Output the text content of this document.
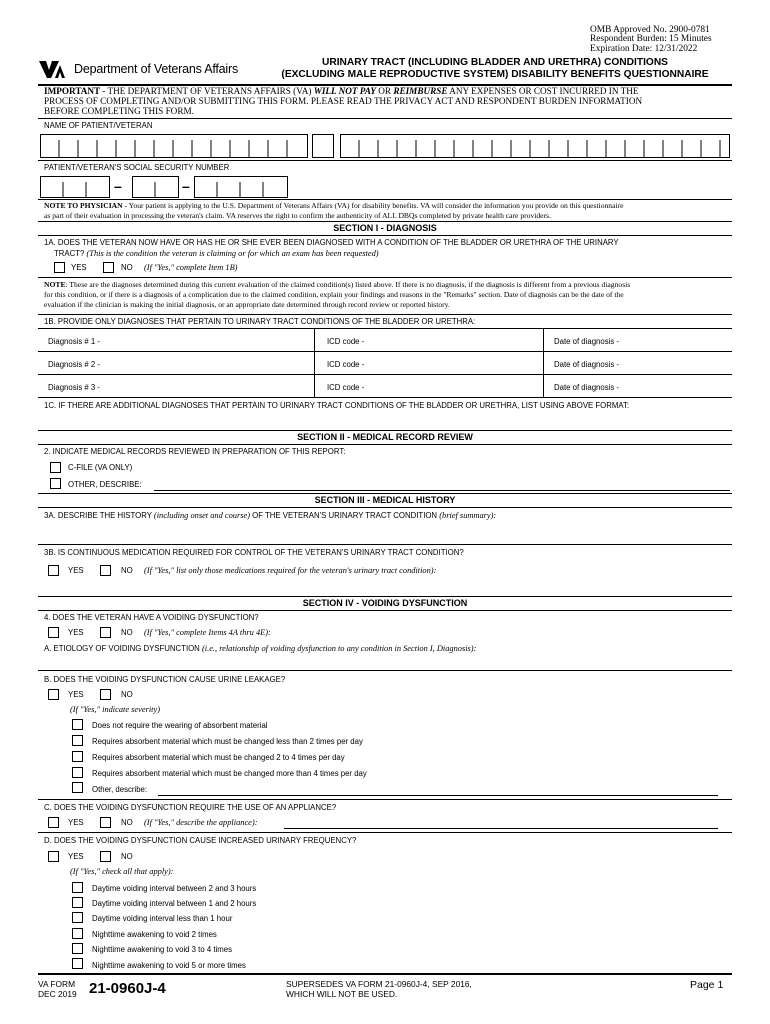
OMB Approved No. 2900-0781
Respondent Burden: 15 Minutes
Expiration Date: 12/31/2022
Department of Veterans Affairs	URINARY TRACT (INCLUDING BLADDER AND URETHRA) CONDITIONS
(EXCLUDING MALE REPRODUCTIVE SYSTEM) DISABILITY BENEFITS QUESTIONNAIRE
IMPORTANT - THE DEPARTMENT OF VETERANS AFFAIRS (VA) WILL NOT PAY OR REIMBURSE ANY EXPENSES OR COST INCURRED IN THE
PROCESS OF COMPLETING AND/OR SUBMITTING THIS FORM. PLEASE READ THE PRIVACY ACT AND RESPONDENT BURDEN INFORMATION
BEFORE COMPLETING THIS FORM.
NAME OF PATIENT/VETERAN
PATIENT/VETERAN'S SOCIAL SECURITY NUMBER
–	–
NOTE TO PHYSICIAN - Your patient is applying to the U.S. Department of Veterans Affairs (VA) for disability benefits. VA will consider the information you provide on this questionnaire
as part of their evaluation in processing the veteran's claim. VA reserves the right to confirm the authenticity of ALL DBQs completed by private health care providers.
SECTION I - DIAGNOSIS
1A. DOES THE VETERAN NOW HAVE OR HAS HE OR SHE EVER BEEN DIAGNOSED WITH A CONDITION OF THE BLADDER OR URETHRA OF THE URINARY
TRACT? (This is the condition the veteran is claiming or for which an exam has been requested)
YES	NO (If "Yes," complete Item 1B)
NOTE: These are the diagnoses determined during this current evaluation of the claimed condition(s) listed above. If there is no diagnosis, if the diagnosis is different from a previous diagnosis
for this condition, or if there is a diagnosis of a complication due to the claimed condition, explain your findings and reasons in the "Remarks" section. Date of diagnosis can be the date of the
evaluation if the clinician is making the initial diagnosis, or an appropriate date determined through record review or reported history.
1B. PROVIDE ONLY DIAGNOSES THAT PERTAIN TO URINARY TRACT CONDITIONS OF THE BLADDER OR URETHRA:
Diagnosis # 1 -	ICD code -	Date of diagnosis -
Diagnosis # 2 -	ICD code -	Date of diagnosis -
Diagnosis # 3 -	ICD code -	Date of diagnosis -
1C. IF THERE ARE ADDITIONAL DIAGNOSES THAT PERTAIN TO URINARY TRACT CONDITIONS OF THE BLADDER OR URETHRA, LIST USING ABOVE FORMAT:
SECTION II - MEDICAL RECORD REVIEW
2. INDICATE MEDICAL RECORDS REVIEWED IN PREPARATION OF THIS REPORT:
C-FILE (VA ONLY)
OTHER, DESCRIBE:
SECTION III - MEDICAL HISTORY
3A. DESCRIBE THE HISTORY (including onset and course) OF THE VETERAN'S URINARY TRACT CONDITION (brief summary):
3B. IS CONTINUOUS MEDICATION REQUIRED FOR CONTROL OF THE VETERAN'S URINARY TRACT CONDITION?
YES	NO (If "Yes," list only those medications required for the veteran's urinary tract condition):
SECTION IV - VOIDING DYSFUNCTION
4. DOES THE VETERAN HAVE A VOIDING DYSFUNCTION?
YES	NO (If "Yes," complete Items 4A thru 4E):
A. ETIOLOGY OF VOIDING DYSFUNCTION (i.e., relationship of voiding dysfunction to any condition in Section I, Diagnosis):
B. DOES THE VOIDING DYSFUNCTION CAUSE URINE LEAKAGE?
YES	NO
(If "Yes," indicate severity)
Does not require the wearing of absorbent material
Requires absorbent material which must be changed less than 2 times per day
Requires absorbent material which must be changed 2 to 4 times per day
Requires absorbent material which must be changed more than 4 times per day
Other, describe:
C. DOES THE VOIDING DYSFUNCTION REQUIRE THE USE OF AN APPLIANCE?
YES	NO (If "Yes," describe the appliance):
D. DOES THE VOIDING DYSFUNCTION CAUSE INCREASED URINARY FREQUENCY?
YES	NO
(If "Yes," check all that apply):
Daytime voiding interval between 2 and 3 hours
Daytime voiding interval between 1 and 2 hours
Daytime voiding interval less than 1 hour
Nighttime awakening to void 2 times
Nighttime awakening to void 3 to 4 times
Nighttime awakening to void 5 or more times
VA FORM
DEC 2019 21-0960J-4	SUPERSEDES VA FORM 21-0960J-4, SEP 2016,
WHICH WILL NOT BE USED.
Page 1
